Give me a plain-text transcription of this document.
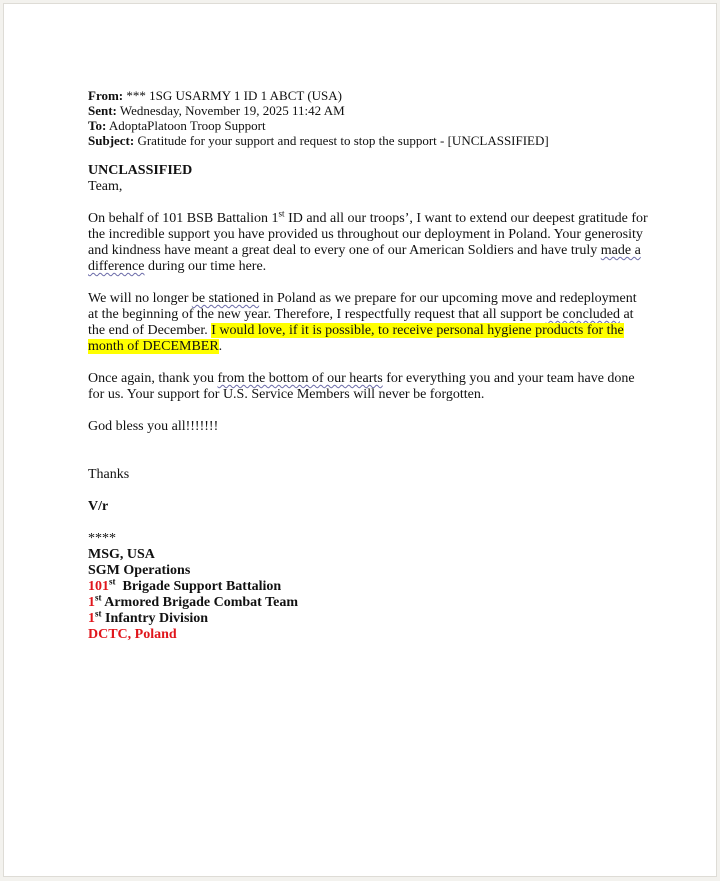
From: *** 1SG USARMY 1 ID 1 ABCT (USA)
Sent: Wednesday, November 19, 2025 11:42 AM
To: AdoptaPlatoon Troop Support
Subject: Gratitude for your support and request to stop the support - [UNCLASSIFIED]

UNCLASSIFIED

Team,

On behalf of 101 BSB Battalion 1st ID and all our troops’, I want to extend our deepest gratitude for the incredible support you have provided us throughout our deployment in Poland. Your generosity and kindness have meant a great deal to every one of our American Soldiers and have truly made a difference during our time here.

We will no longer be stationed in Poland as we prepare for our upcoming move and redeployment at the beginning of the new year. Therefore, I respectfully request that all support be concluded at the end of December. I would love, if it is possible, to receive personal hygiene products for the month of DECEMBER.

Once again, thank you from the bottom of our hearts for everything you and your team have done for us. Your support for U.S. Service Members will never be forgotten.

God bless you all!!!!!!!

Thanks

V/r

****
MSG, USA
SGM Operations
101st  Brigade Support Battalion
1st Armored Brigade Combat Team
1st Infantry Division
DCTC, Poland
